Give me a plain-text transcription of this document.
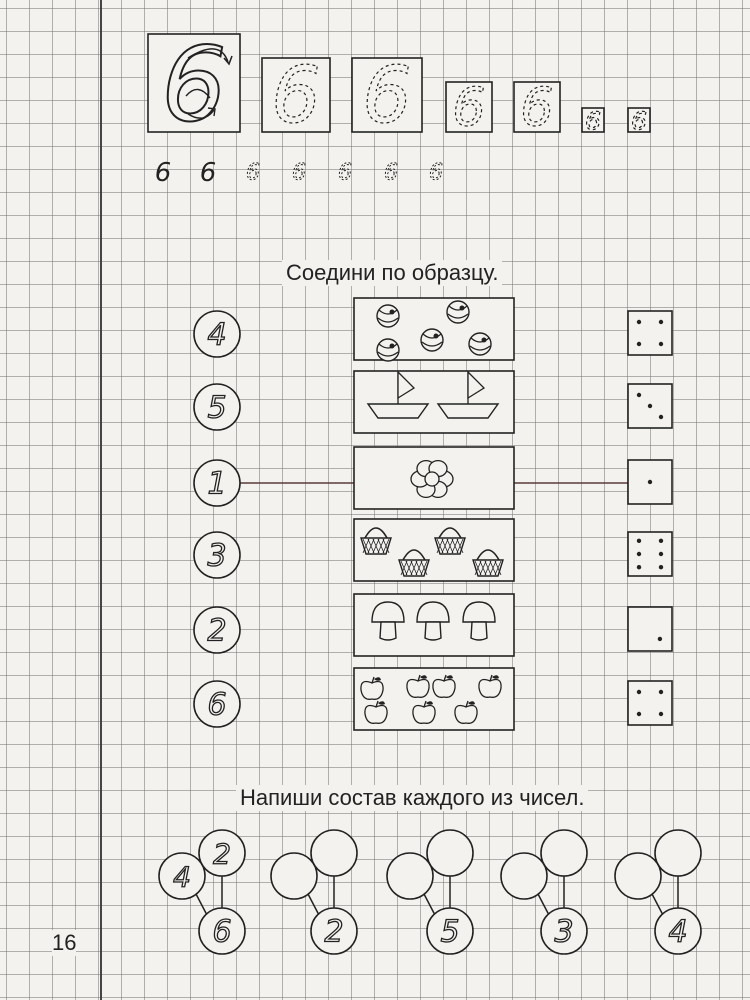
6 6 6 6 6 6 6
6 6 6 6 6 6 6
4
5
1
3
2
6
6
4
2
2	5	3	4
Соедини по образцу.
Напиши состав каждого из чисел.
16
